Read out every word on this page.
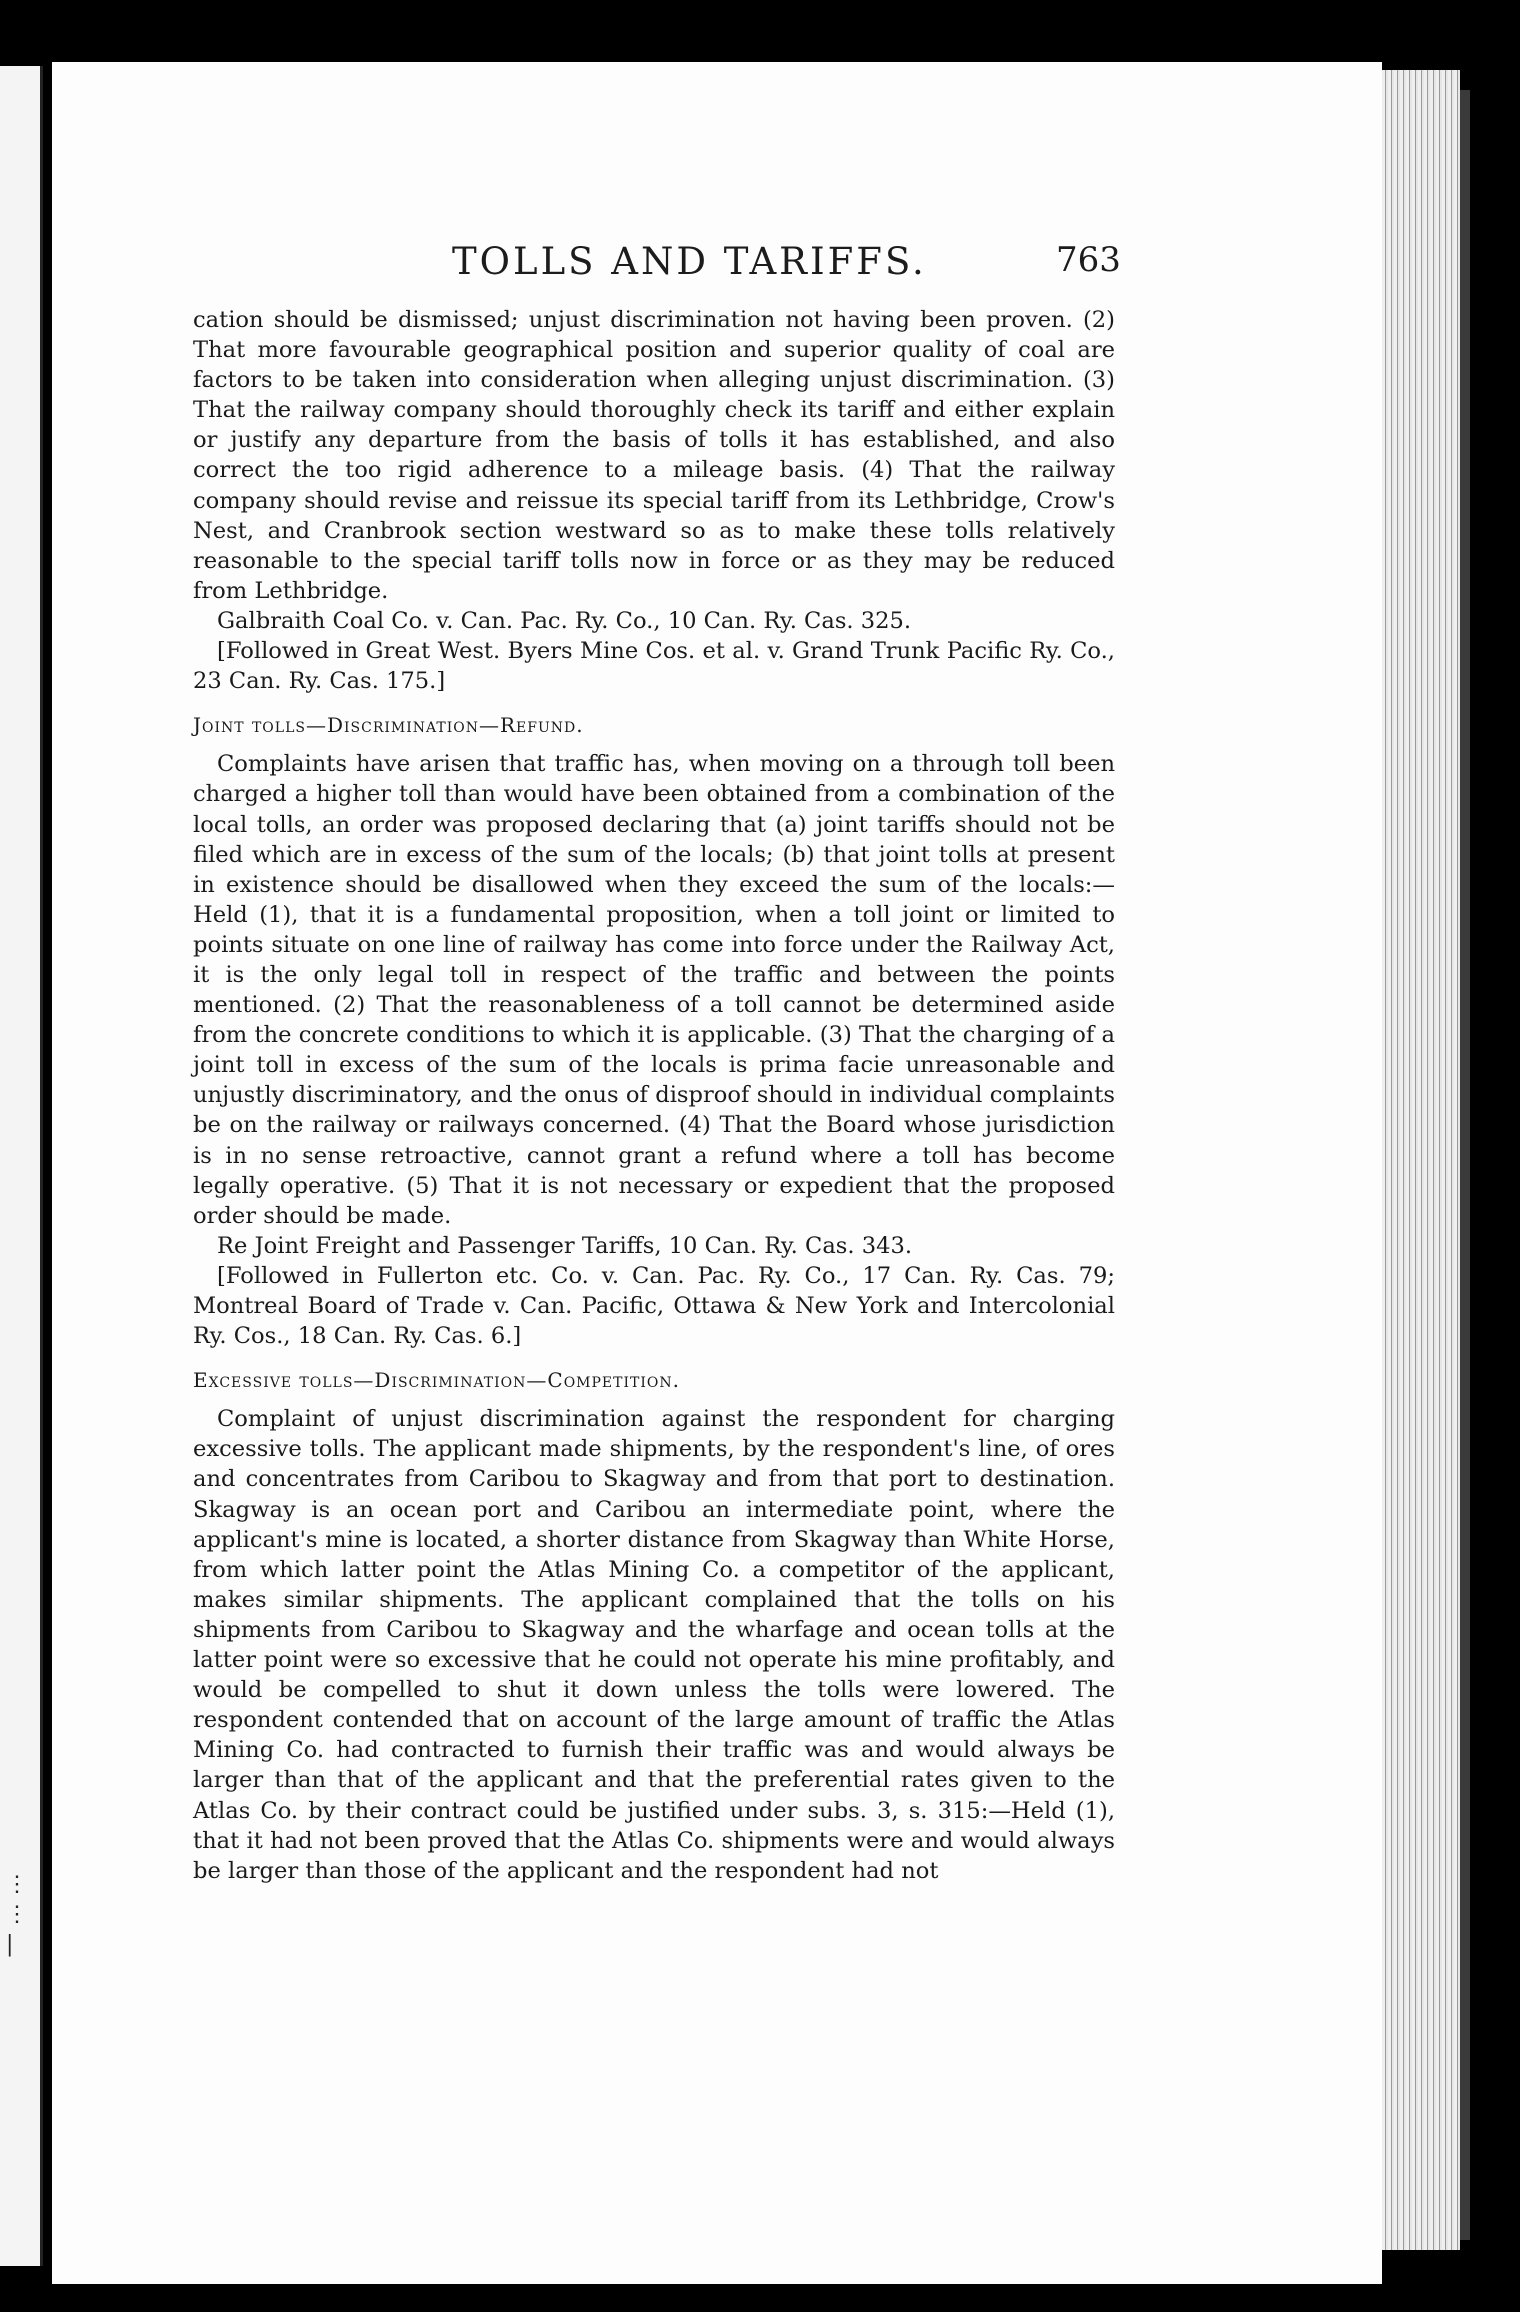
⋮
⋮
|
TOLLS AND TARIFFS.	763

cation should be dismissed; unjust discrimination not having been proven. (2) That more favourable geographical position and superior quality of coal are factors to be taken into consideration when alleging unjust discrimination. (3) That the railway company should thoroughly check its tariff and either explain or justify any departure from the basis of tolls it has established, and also correct the too rigid adherence to a mileage basis. (4) That the railway company should revise and reissue its special tariff from its Lethbridge, Crow's Nest, and Cranbrook section westward so as to make these tolls relatively reasonable to the special tariff tolls now in force or as they may be reduced from Lethbridge.

Galbraith Coal Co. v. Can. Pac. Ry. Co., 10 Can. Ry. Cas. 325.

[Followed in Great West. Byers Mine Cos. et al. v. Grand Trunk Pacific Ry. Co., 23 Can. Ry. Cas. 175.]

Joint tolls—Discrimination—Refund.

Complaints have arisen that traffic has, when moving on a through toll been charged a higher toll than would have been obtained from a combination of the local tolls, an order was proposed declaring that (a) joint tariffs should not be filed which are in excess of the sum of the locals; (b) that joint tolls at present in existence should be disallowed when they exceed the sum of the locals:—Held (1), that it is a fundamental proposition, when a toll joint or limited to points situate on one line of railway has come into force under the Railway Act, it is the only legal toll in respect of the traffic and between the points mentioned. (2) That the reasonableness of a toll cannot be determined aside from the concrete conditions to which it is applicable. (3) That the charging of a joint toll in excess of the sum of the locals is prima facie unreasonable and unjustly discriminatory, and the onus of disproof should in individual complaints be on the railway or railways concerned. (4) That the Board whose jurisdiction is in no sense retroactive, cannot grant a refund where a toll has become legally operative. (5) That it is not necessary or expedient that the proposed order should be made.

Re Joint Freight and Passenger Tariffs, 10 Can. Ry. Cas. 343.

[Followed in Fullerton etc. Co. v. Can. Pac. Ry. Co., 17 Can. Ry. Cas. 79; Montreal Board of Trade v. Can. Pacific, Ottawa & New York and Intercolonial Ry. Cos., 18 Can. Ry. Cas. 6.]

Excessive tolls—Discrimination—Competition.

Complaint of unjust discrimination against the respondent for charging excessive tolls. The applicant made shipments, by the respondent's line, of ores and concentrates from Caribou to Skagway and from that port to destination. Skagway is an ocean port and Caribou an intermediate point, where the applicant's mine is located, a shorter distance from Skagway than White Horse, from which latter point the Atlas Mining Co. a competitor of the applicant, makes similar shipments. The applicant complained that the tolls on his shipments from Caribou to Skagway and the wharfage and ocean tolls at the latter point were so excessive that he could not operate his mine profitably, and would be compelled to shut it down unless the tolls were lowered. The respondent contended that on account of the large amount of traffic the Atlas Mining Co. had contracted to furnish their traffic was and would always be larger than that of the applicant and that the preferential rates given to the Atlas Co. by their contract could be justified under subs. 3, s. 315:—Held (1), that it had not been proved that the Atlas Co. shipments were and would always be larger than those of the applicant and the respondent had not
